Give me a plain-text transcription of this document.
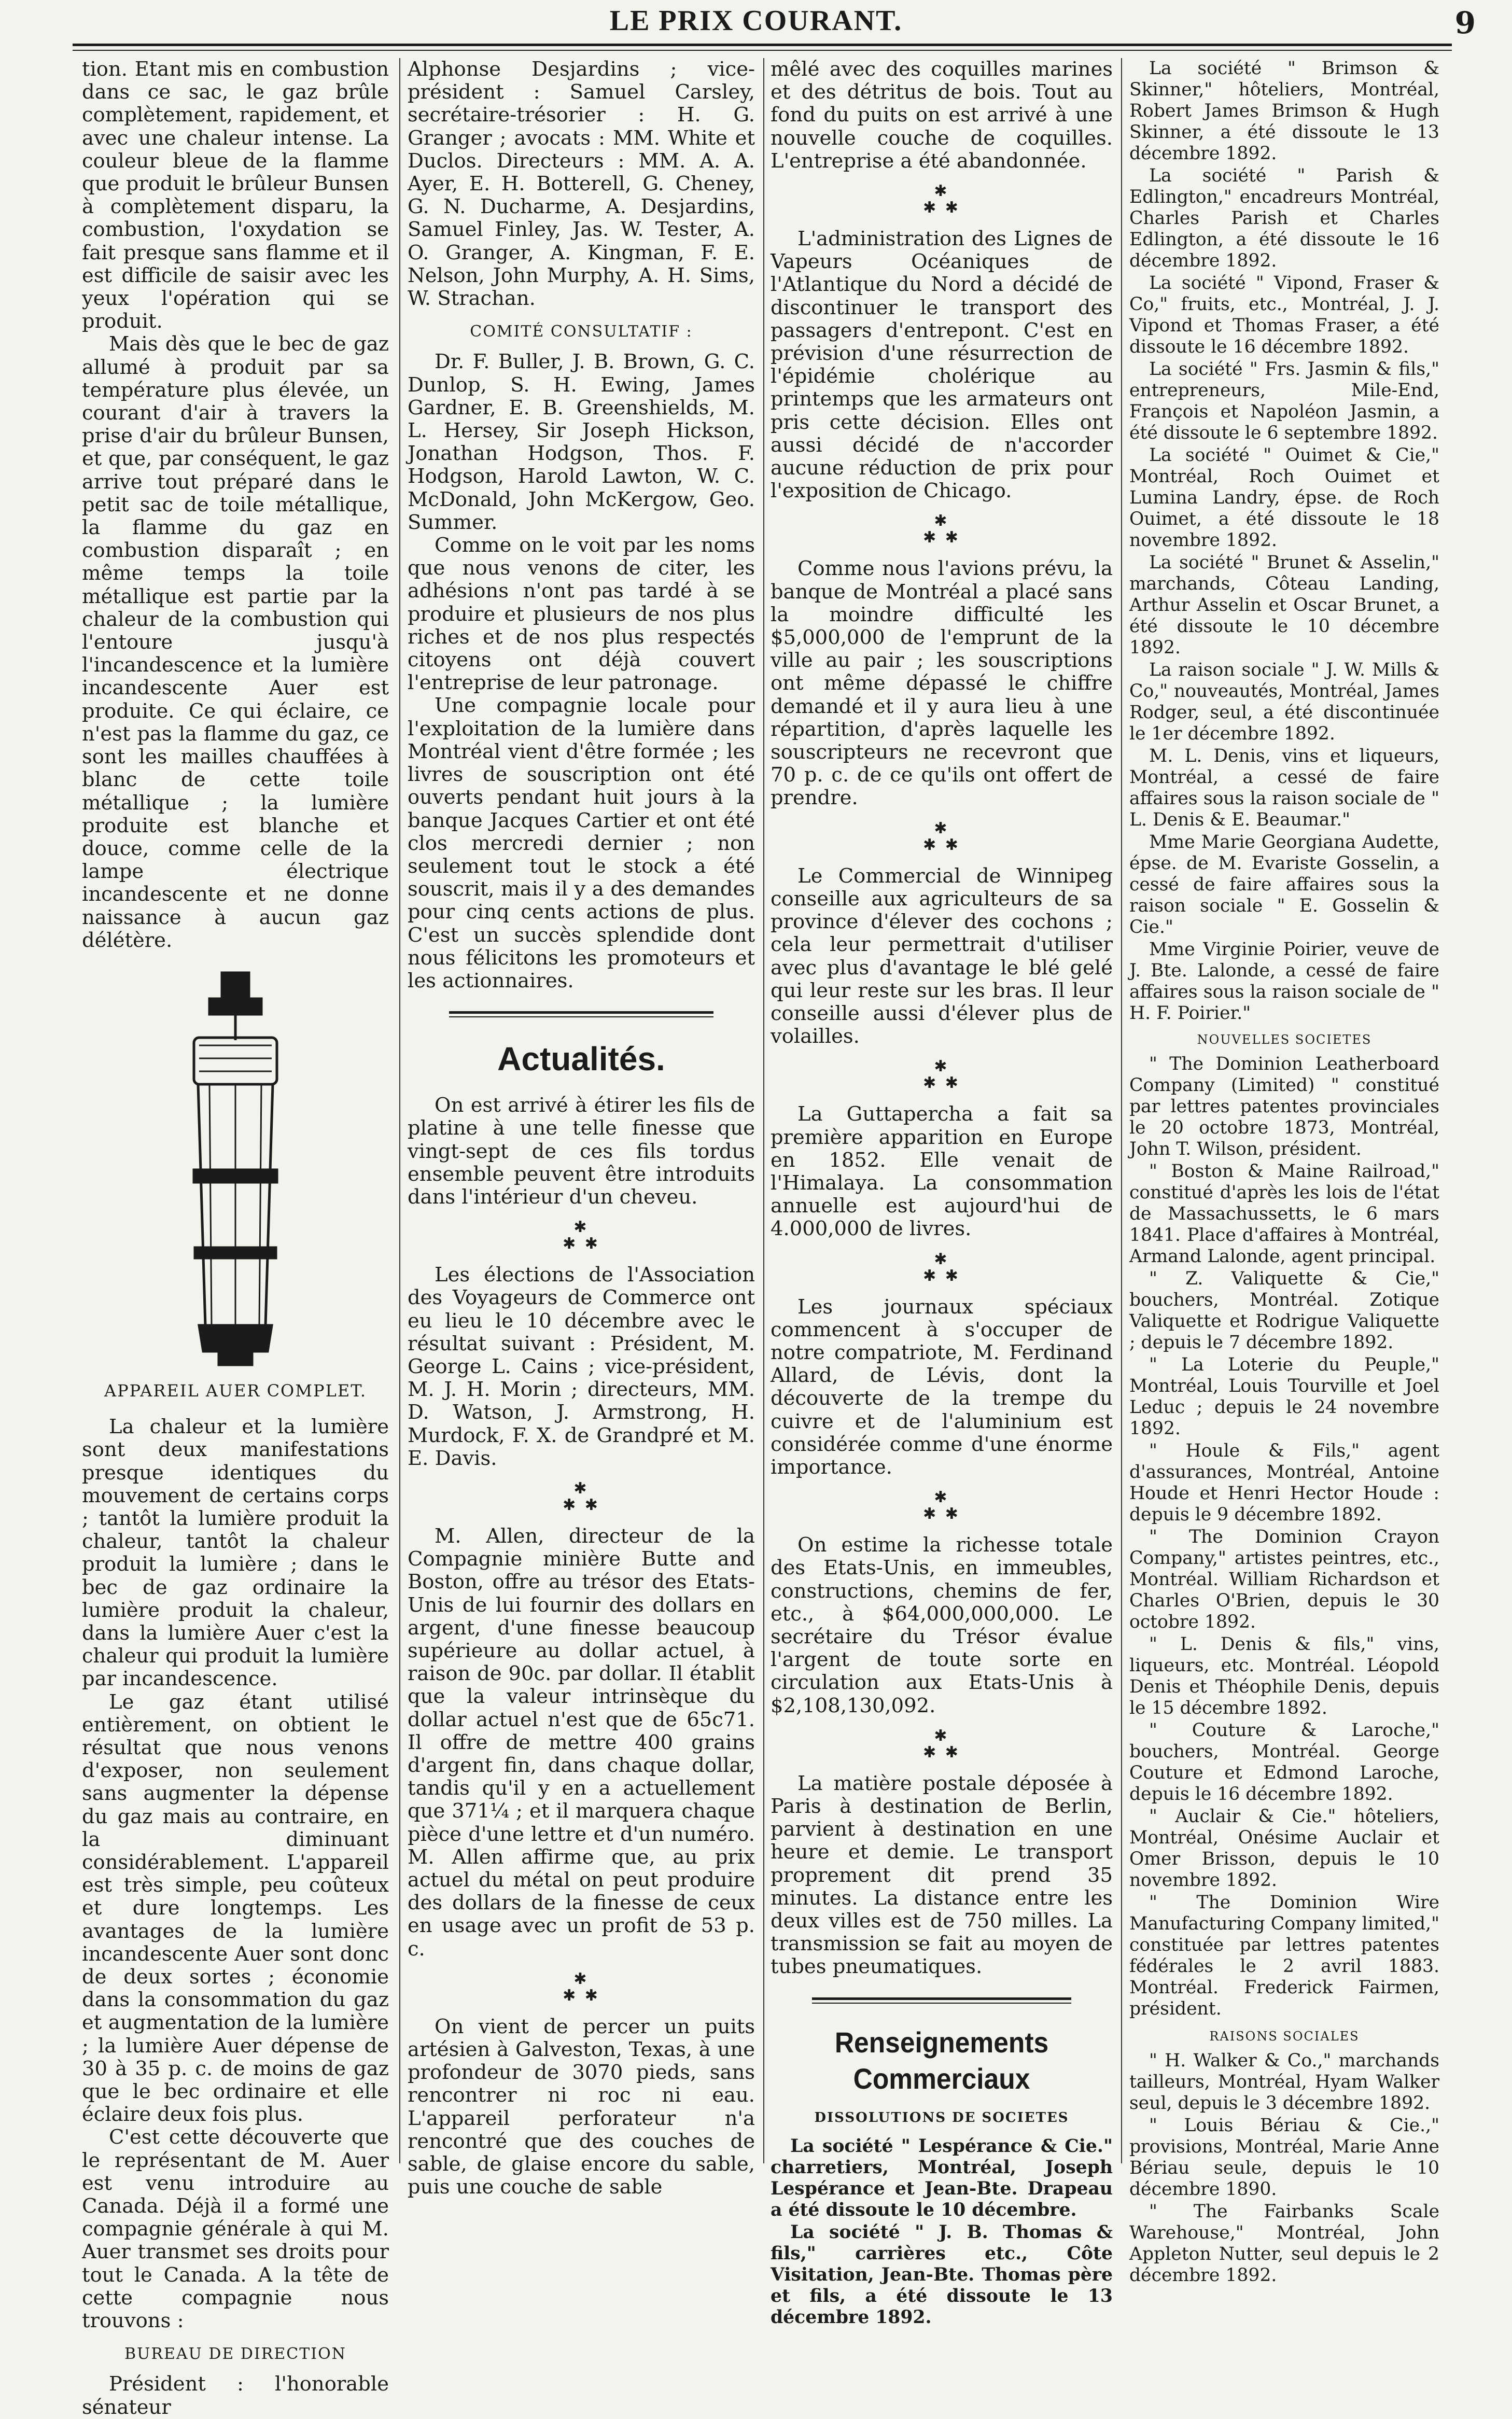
LE PRIX COURANT.	9

tion. Etant mis en combustion dans ce sac, le gaz brûle complètement, rapidement, et avec une chaleur intense. La couleur bleue de la flamme que produit le brûleur Bunsen à complètement disparu, la combustion, l'oxydation se fait presque sans flamme et il est difficile de saisir avec les yeux l'opération qui se produit.

Mais dès que le bec de gaz allumé à produit par sa température plus élevée, un courant d'air à travers la prise d'air du brûleur Bunsen, et que, par conséquent, le gaz arrive tout préparé dans le petit sac de toile métallique, la flamme du gaz en combustion disparaît ; en même temps la toile métallique est partie par la chaleur de la combustion qui l'entoure jusqu'à l'incandescence et la lumière incandescente Auer est produite. Ce qui éclaire, ce n'est pas la flamme du gaz, ce sont les mailles chauffées à blanc de cette toile métallique ; la lumière produite est blanche et douce, comme celle de la lampe électrique incandescente et ne donne naissance à aucun gaz délétère.

APPAREIL AUER COMPLET.

La chaleur et la lumière sont deux manifestations presque identiques du mouvement de certains corps ; tantôt la lumière produit la chaleur, tantôt la chaleur produit la lumière ; dans le bec de gaz ordinaire la lumière produit la chaleur, dans la lumière Auer c'est la chaleur qui produit la lumière par incandescence.

Le gaz étant utilisé entièrement, on obtient le résultat que nous venons d'exposer, non seulement sans augmenter la dépense du gaz mais au contraire, en la diminuant considérablement. L'appareil est très simple, peu coûteux et dure longtemps. Les avantages de la lumière incandescente Auer sont donc de deux sortes ; économie dans la consommation du gaz et augmentation de la lumière ; la lumière Auer dépense de 30 à 35 p. c. de moins de gaz que le bec ordinaire et elle éclaire deux fois plus.

C'est cette découverte que le représentant de M. Auer est venu introduire au Canada. Déjà il a formé une compagnie générale à qui M. Auer transmet ses droits pour tout le Canada. A la tête de cette compagnie nous trouvons :

BUREAU DE DIRECTION

Président : l'honorable sénateur

Alphonse Desjardins ; vice-président : Samuel Carsley, secrétaire-trésorier : H. G. Granger ; avocats : MM. White et Duclos. Directeurs : MM. A. A. Ayer, E. H. Botterell, G. Cheney, G. N. Ducharme, A. Desjardins, Samuel Finley, Jas. W. Tester, A. O. Granger, A. Kingman, F. E. Nelson, John Murphy, A. H. Sims, W. Strachan.

COMITÉ CONSULTATIF :

Dr. F. Buller, J. B. Brown, G. C. Dunlop, S. H. Ewing, James Gardner, E. B. Greenshields, M. L. Hersey, Sir Joseph Hickson, Jonathan Hodgson, Thos. F. Hodgson, Harold Lawton, W. C. McDonald, John McKergow, Geo. Summer.

Comme on le voit par les noms que nous venons de citer, les adhésions n'ont pas tardé à se produire et plusieurs de nos plus riches et de nos plus respectés citoyens ont déjà couvert l'entreprise de leur patronage.

Une compagnie locale pour l'exploitation de la lumière dans Montréal vient d'être formée ; les livres de souscription ont été ouverts pendant huit jours à la banque Jacques Cartier et ont été clos mercredi dernier ; non seulement tout le stock a été souscrit, mais il y a des demandes pour cinq cents actions de plus. C'est un succès splendide dont nous félicitons les promoteurs et les actionnaires.

Actualités.

On est arrivé à étirer les fils de platine à une telle finesse que vingt-sept de ces fils tordus ensemble peuvent être introduits dans l'intérieur d'un cheveu.

✱
✱ ✱

Les élections de l'Association des Voyageurs de Commerce ont eu lieu le 10 décembre avec le résultat suivant : Président, M. George L. Cains ; vice-président, M. J. H. Morin ; directeurs, MM. D. Watson, J. Armstrong, H. Murdock, F. X. de Grandpré et M. E. Davis.

✱
✱ ✱

M. Allen, directeur de la Compagnie minière Butte and Boston, offre au trésor des Etats-Unis de lui fournir des dollars en argent, d'une finesse beaucoup supérieure au dollar actuel, à raison de 90c. par dollar. Il établit que la valeur intrinsèque du dollar actuel n'est que de 65c71. Il offre de mettre 400 grains d'argent fin, dans chaque dollar, tandis qu'il y en a actuellement que 371¼ ; et il marquera chaque pièce d'une lettre et d'un numéro. M. Allen affirme que, au prix actuel du métal on peut produire des dollars de la finesse de ceux en usage avec un profit de 53 p. c.

✱
✱ ✱

On vient de percer un puits artésien à Galveston, Texas, à une profondeur de 3070 pieds, sans rencontrer ni roc ni eau. L'appareil perforateur n'a rencontré que des couches de sable, de glaise encore du sable, puis une couche de sable

mêlé avec des coquilles marines et des détritus de bois. Tout au fond du puits on est arrivé à une nouvelle couche de coquilles. L'entreprise a été abandonnée.

✱
✱ ✱

L'administration des Lignes de Vapeurs Océaniques de l'Atlantique du Nord a décidé de discontinuer le transport des passagers d'entrepont. C'est en prévision d'une résurrection de l'épidémie cholérique au printemps que les armateurs ont pris cette décision. Elles ont aussi décidé de n'accorder aucune réduction de prix pour l'exposition de Chicago.

✱
✱ ✱

Comme nous l'avions prévu, la banque de Montréal a placé sans la moindre difficulté les $5,000,000 de l'emprunt de la ville au pair ; les souscriptions ont même dépassé le chiffre demandé et il y aura lieu à une répartition, d'après laquelle les souscripteurs ne recevront que 70 p. c. de ce qu'ils ont offert de prendre.

✱
✱ ✱

Le Commercial de Winnipeg conseille aux agriculteurs de sa province d'élever des cochons ; cela leur permettrait d'utiliser avec plus d'avantage le blé gelé qui leur reste sur les bras. Il leur conseille aussi d'élever plus de volailles.

✱
✱ ✱

La Guttapercha a fait sa première apparition en Europe en 1852. Elle venait de l'Himalaya. La consommation annuelle est aujourd'hui de 4.000,000 de livres.

✱
✱ ✱

Les journaux spéciaux commencent à s'occuper de notre compatriote, M. Ferdinand Allard, de Lévis, dont la découverte de la trempe du cuivre et de l'aluminium est considérée comme d'une énorme importance.

✱
✱ ✱

On estime la richesse totale des Etats-Unis, en immeubles, constructions, chemins de fer, etc., à $64,000,000,000. Le secrétaire du Trésor évalue l'argent de toute sorte en circulation aux Etats-Unis à $2,108,130,092.

✱
✱ ✱

La matière postale déposée à Paris à destination de Berlin, parvient à destination en une heure et demie. Le transport proprement dit prend 35 minutes. La distance entre les deux villes est de 750 milles. La transmission se fait au moyen de tubes pneumatiques.

Renseignements Commerciaux

DISSOLUTIONS DE SOCIETES

La société " Lespérance & Cie." charretiers, Montréal, Joseph Lespérance et Jean-Bte. Drapeau a été dissoute le 10 décembre.

La société " J. B. Thomas & fils," carrières etc., Côte Visitation, Jean-Bte. Thomas père et fils, a été dissoute le 13 décembre 1892.

La société " Brimson & Skinner," hôteliers, Montréal, Robert James Brimson & Hugh Skinner, a été dissoute le 13 décembre 1892.

La société " Parish & Edlington," encadreurs Montréal, Charles Parish et Charles Edlington, a été dissoute le 16 décembre 1892.

La société " Vipond, Fraser & Co," fruits, etc., Montréal, J. J. Vipond et Thomas Fraser, a été dissoute le 16 décembre 1892.

La société " Frs. Jasmin & fils," entrepreneurs, Mile-End, François et Napoléon Jasmin, a été dissoute le 6 septembre 1892.

La société " Ouimet & Cie," Montréal, Roch Ouimet et Lumina Landry, épse. de Roch Ouimet, a été dissoute le 18 novembre 1892.

La société " Brunet & Asselin," marchands, Côteau Landing, Arthur Asselin et Oscar Brunet, a été dissoute le 10 décembre 1892.

La raison sociale " J. W. Mills & Co," nouveautés, Montréal, James Rodger, seul, a été discontinuée le 1er décembre 1892.

M. L. Denis, vins et liqueurs, Montréal, a cessé de faire affaires sous la raison sociale de " L. Denis & E. Beaumar."

Mme Marie Georgiana Audette, épse. de M. Evariste Gosselin, a cessé de faire affaires sous la raison sociale " E. Gosselin & Cie."

Mme Virginie Poirier, veuve de J. Bte. Lalonde, a cessé de faire affaires sous la raison sociale de " H. F. Poirier."

NOUVELLES SOCIETES

" The Dominion Leatherboard Company (Limited) " constitué par lettres patentes provinciales le 20 octobre 1873, Montréal, John T. Wilson, président.

" Boston & Maine Railroad," constitué d'après les lois de l'état de Massachussetts, le 6 mars 1841. Place d'affaires à Montréal, Armand Lalonde, agent principal.

" Z. Valiquette & Cie," bouchers, Montréal. Zotique Valiquette et Rodrigue Valiquette ; depuis le 7 décembre 1892.

" La Loterie du Peuple," Montréal, Louis Tourville et Joel Leduc ; depuis le 24 novembre 1892.

" Houle & Fils," agent d'assurances, Montréal, Antoine Houde et Henri Hector Houde : depuis le 9 décembre 1892.

" The Dominion Crayon Company," artistes peintres, etc., Montréal. William Richardson et Charles O'Brien, depuis le 30 octobre 1892.

" L. Denis & fils," vins, liqueurs, etc. Montréal. Léopold Denis et Théophile Denis, depuis le 15 décembre 1892.

" Couture & Laroche," bouchers, Montréal. George Couture et Edmond Laroche, depuis le 16 décembre 1892.

" Auclair & Cie." hôteliers, Montréal, Onésime Auclair et Omer Brisson, depuis le 10 novembre 1892.

" The Dominion Wire Manufacturing Company limited," constituée par lettres patentes fédérales le 2 avril 1883. Montréal. Frederick Fairmen, président.

RAISONS SOCIALES

" H. Walker & Co.," marchands tailleurs, Montréal, Hyam Walker seul, depuis le 3 décembre 1892.

" Louis Bériau & Cie.," provisions, Montréal, Marie Anne Bériau seule, depuis le 10 décembre 1890.

" The Fairbanks Scale Warehouse," Montréal, John Appleton Nutter, seul depuis le 2 décembre 1892.
